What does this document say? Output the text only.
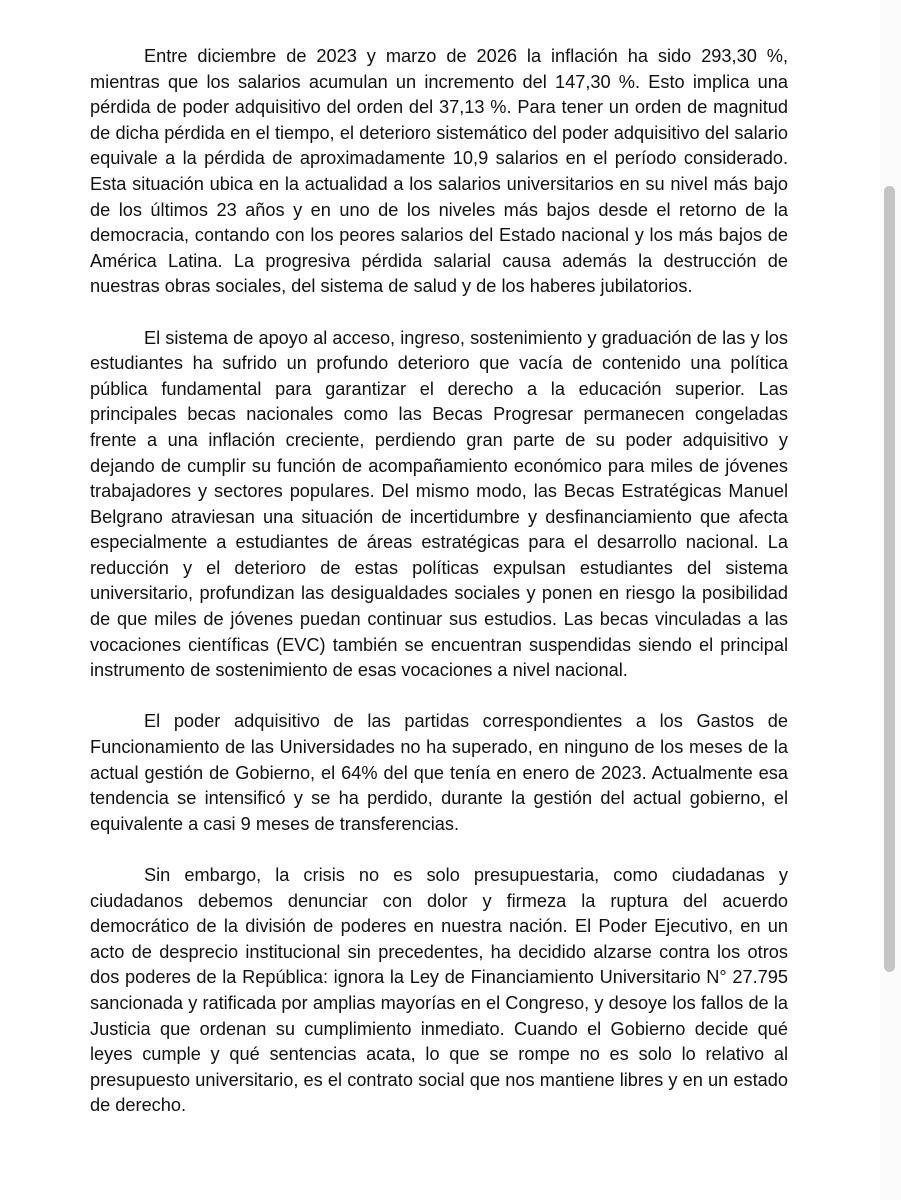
Entre diciembre de 2023 y marzo de 2026 la inflación ha sido 293,30 %, mientras que los salarios acumulan un incremento del 147,30 %. Esto implica una pérdida de poder adquisitivo del orden del 37,13 %. Para tener un orden de magnitud de dicha pérdida en el tiempo, el deterioro sistemático del poder adquisitivo del salario equivale a la pérdida de aproximadamente 10,9 salarios en el período considerado. Esta situación ubica en la actualidad a los salarios universitarios en su nivel más bajo de los últimos 23 años y en uno de los niveles más bajos desde el retorno de la democracia, contando con los peores salarios del Estado nacional y los más bajos de América Latina. La progresiva pérdida salarial causa además la destrucción de nuestras obras sociales, del sistema de salud y de los haberes jubilatorios.

El sistema de apoyo al acceso, ingreso, sostenimiento y graduación de las y los estudiantes ha sufrido un profundo deterioro que vacía de contenido una política pública fundamental para garantizar el derecho a la educación superior. Las principales becas nacionales como las Becas Progresar permanecen congeladas frente a una inflación creciente, perdiendo gran parte de su poder adquisitivo y dejando de cumplir su función de acompañamiento económico para miles de jóvenes trabajadores y sectores populares. Del mismo modo, las Becas Estratégicas Manuel Belgrano atraviesan una situación de incertidumbre y desfinanciamiento que afecta especialmente a estudiantes de áreas estratégicas para el desarrollo nacional. La reducción y el deterioro de estas políticas expulsan estudiantes del sistema universitario, profundizan las desigualdades sociales y ponen en riesgo la posibilidad de que miles de jóvenes puedan continuar sus estudios. Las becas vinculadas a las vocaciones científicas (EVC) también se encuentran suspendidas siendo el principal instrumento de sostenimiento de esas vocaciones a nivel nacional.

El poder adquisitivo de las partidas correspondientes a los Gastos de Funcionamiento de las Universidades no ha superado, en ninguno de los meses de la actual gestión de Gobierno, el 64% del que tenía en enero de 2023. Actualmente esa tendencia se intensificó y se ha perdido, durante la gestión del actual gobierno, el equivalente a casi 9 meses de transferencias.

Sin embargo, la crisis no es solo presupuestaria, como ciudadanas y ciudadanos debemos denunciar con dolor y firmeza la ruptura del acuerdo democrático de la división de poderes en nuestra nación. El Poder Ejecutivo, en un acto de desprecio institucional sin precedentes, ha decidido alzarse contra los otros dos poderes de la República: ignora la Ley de Financiamiento Universitario N° 27.795 sancionada y ratificada por amplias mayorías en el Congreso, y desoye los fallos de la Justicia que ordenan su cumplimiento inmediato. Cuando el Gobierno decide qué leyes cumple y qué sentencias acata, lo que se rompe no es solo lo relativo al presupuesto universitario, es el contrato social que nos mantiene libres y en un estado de derecho.
